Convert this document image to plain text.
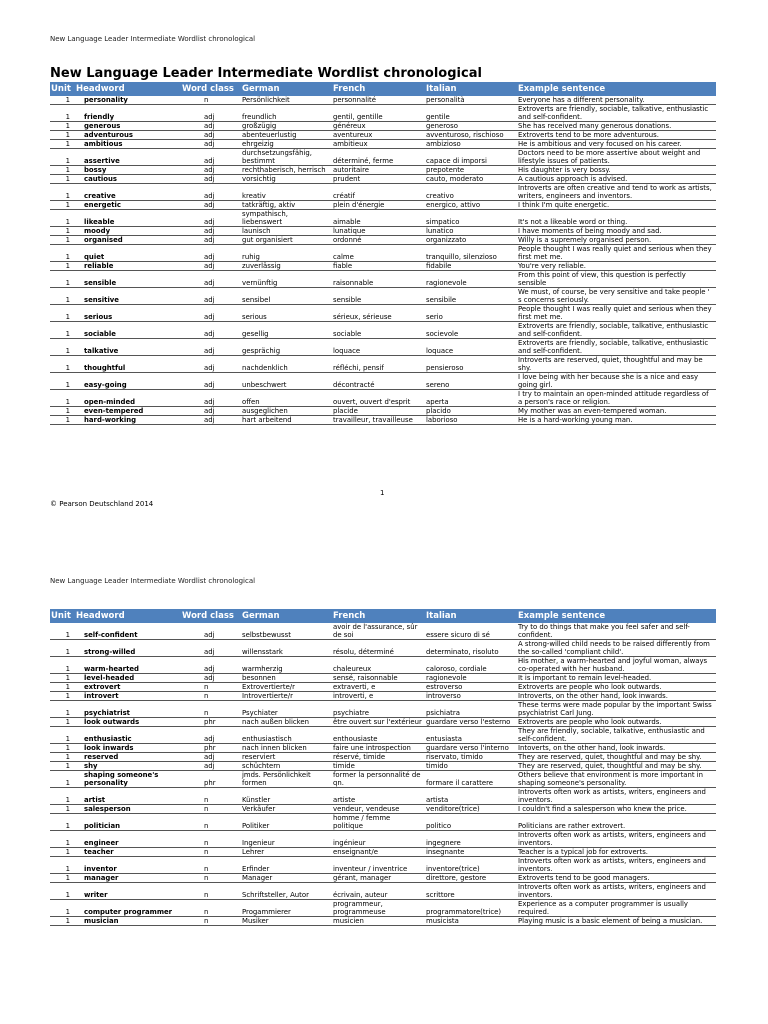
New Language Leader Intermediate Wordlist chronological
New Language Leader Intermediate Wordlist chronological
Unit	Headword	Word class	German	French	Italian	Example sentence
1	personality	n	Persönlichkeit	personnalité	personalità	Everyone has a different personality.
1	friendly	adj	freundlich	gentil, gentille	gentile	Extroverts are friendly, sociable, talkative, enthusiastic and self-confident.
1	generous	adj	großzügig	généreux	generoso	She has received many generous donations.
1	adventurous	adj	abenteuerlustig	aventureux	avventuroso, rischioso	Extroverts tend to be more adventurous.
1	ambitious	adj	ehrgeizig	ambitieux	ambizioso	He is ambitious and very focused on his career.
1	assertive	adj	durchsetzungsfähig, bestimmt	déterminé, ferme	capace di imporsi	Doctors need to be more assertive about weight and lifestyle issues of patients.
1	bossy	adj	rechthaberisch, herrisch	autoritaire	prepotente	His daughter is very bossy.
1	cautious	adj	vorsichtig	prudent	cauto, moderato	A cautious approach is advised.
1	creative	adj	kreativ	créatif	creativo	Introverts are often creative and tend to work as artists, writers, engineers and inventors.
1	energetic	adj	tatkräftig, aktiv	plein d'énergie	energico, attivo	I think I'm quite energetic.
1	likeable	adj	sympathisch, liebenswert	aimable	simpatico	It's not a likeable word or thing.
1	moody	adj	launisch	lunatique	lunatico	I have moments of being moody and sad.
1	organised	adj	gut organisiert	ordonné	organizzato	Willy is a supremely organised person.
1	quiet	adj	ruhig	calme	tranquillo, silenzioso	People thought I was really quiet and serious when they first met me.
1	reliable	adj	zuverlässig	fiable	fidabile	You're very reliable.
1	sensible	adj	vernünftig	raisonnable	ragionevole	From this point of view, this question is perfectly sensible
1	sensitive	adj	sensibel	sensible	sensibile	We must, of course, be very sensitive and take people ' s concerns seriously.
1	serious	adj	serious	sérieux, sérieuse	serio	People thought I was really quiet and serious when they first met me.
1	sociable	adj	gesellig	sociable	socievole	Extroverts are friendly, sociable, talkative, enthusiastic and self-confident.
1	talkative	adj	gesprächig	loquace	loquace	Extroverts are friendly, sociable, talkative, enthusiastic and self-confident.
1	thoughtful	adj	nachdenklich	réfléchi, pensif	pensieroso	Introverts are reserved, quiet, thoughtful and may be shy.
1	easy-going	adj	unbeschwert	décontracté	sereno	I love being with her because she is a nice and easy going girl.
1	open-minded	adj	offen	ouvert, ouvert d'esprit	aperta	I try to maintain an open-minded attitude regardless of a person's race or religion.
1	even-tempered	adj	ausgeglichen	placide	placido	My mother was an even-tempered woman.
1	hard-working	adj	hart arbeitend	travailleur, travailleuse	laborioso	He is a hard-working young man.
1
© Pearson Deutschland 2014
New Language Leader Intermediate Wordlist chronological
Unit	Headword	Word class	German	French	Italian	Example sentence
1	self-confident	adj	selbstbewusst	avoir de l'assurance, sûr de soi	essere sicuro di sé	Try to do things that make you feel safer and self-confident.
1	strong-willed	adj	willensstark	résolu, déterminé	determinato, risoluto	A strong-willed child needs to be raised differently from the so-called 'compliant child'.
1	warm-hearted	adj	warmherzig	chaleureux	caloroso, cordiale	His mother, a warm-hearted and joyful woman, always co-operated with her husband.
1	level-headed	adj	besonnen	sensé, raisonnable	ragionevole	It is important to remain level-headed.
1	extrovert	n	Extrovertierte/r	extraverti, e	estroverso	Extroverts are people who look outwards.
1	introvert	n	Introvertierte/r	introverti, e	introverso	Introverts, on the other hand, look inwards.
1	psychiatrist	n	Psychiater	psychiatre	psichiatra	These terms were made popular by the important Swiss psychiatrist Carl Jung.
1	look outwards	phr	nach außen blicken	être ouvert sur l'extérieur	guardare verso l'esterno	Extroverts are people who look outwards.
1	enthusiastic	adj	enthusiastisch	enthousiaste	entusiasta	They are friendly, sociable, talkative, enthusiastic and self-confident.
1	look inwards	phr	nach innen blicken	faire une introspection	guardare verso l'interno	Intoverts, on the other hand, look inwards.
1	reserved	adj	reserviert	réservé, timide	riservato, timido	They are reserved, quiet, thoughtful and may be shy.
1	shy	adj	schüchtern	timide	timido	They are reserved, quiet, thoughtful and may be shy.
1	shaping someone's personality	phr	jmds. Persönlichkeit formen	former la personnalité de qn.	formare il carattere	Others believe that environment is more important in shaping someone's personality.
1	artist	n	Künstler	artiste	artista	Introverts often work as artists, writers, engineers and inventors.
1	salesperson	n	Verkäufer	vendeur, vendeuse	venditore(trice)	I couldn't find a salesperson who knew the price.
1	politician	n	Politiker	homme / femme politique	politico	Politicians are rather extrovert.
1	engineer	n	Ingenieur	ingénieur	ingegnere	Introverts often work as artists, writers, engineers and inventors.
1	teacher	n	Lehrer	enseignant/e	insegnante	Teacher is a typical job for extroverts.
1	inventor	n	Erfinder	inventeur / inventrice	inventore(trice)	Introverts often work as artists, writers, engineers and inventors.
1	manager	n	Manager	gérant, manager	direttore, gestore	Extroverts tend to be good managers.
1	writer	n	Schriftsteller, Autor	écrivain, auteur	scrittore	Introverts often work as artists, writers, engineers and inventors.
1	computer programmer	n	Progammierer	programmeur, programmeuse	programmatore(trice)	Experience as a computer programmer is usually required.
1	musician	n	Musiker	musicien	musicista	Playing music is a basic element of being a musician.
